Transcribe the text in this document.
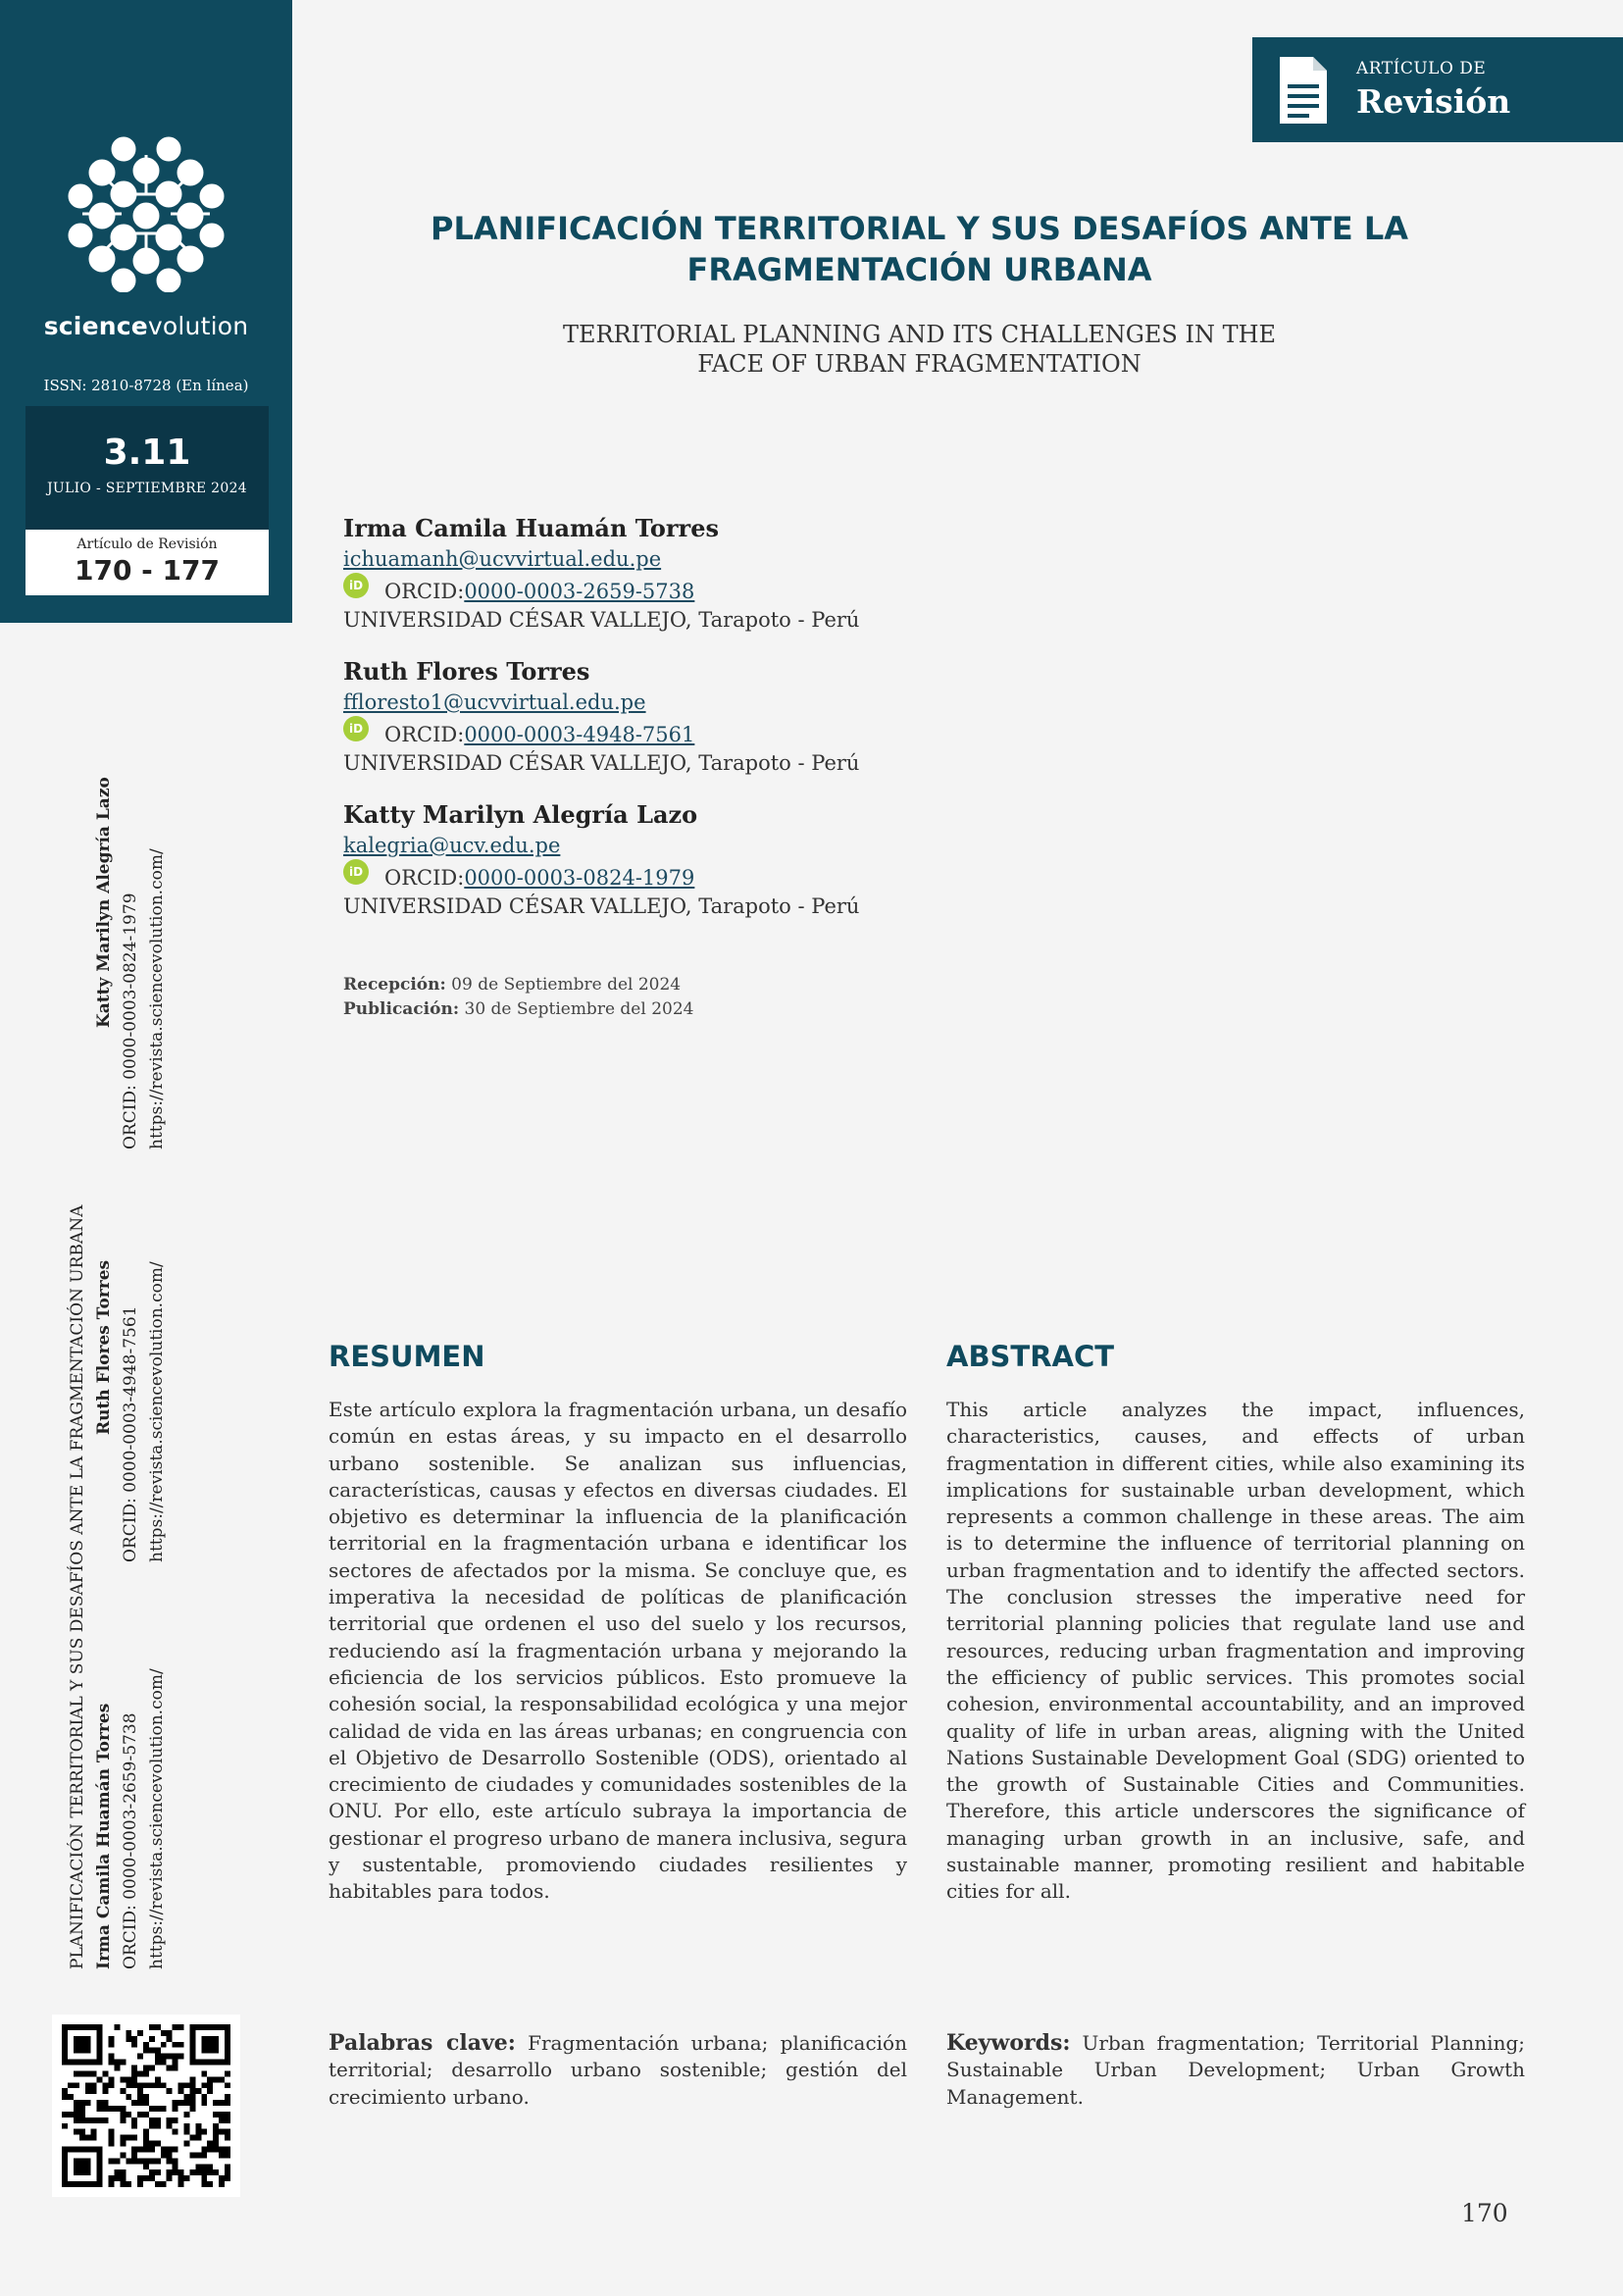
sciencevolution
ISSN: 2810-8728 (En línea)
3.11
JULIO - SEPTIEMBRE 2024
Artículo de Revisión
170 - 177
PLANIFICACIÓN TERRITORIAL Y SUS DESAFÍOS ANTE LA FRAGMENTACIÓN URBANA Irma Camila Huamán Torres
Ruth Flores Torres
Katty Marilyn Alegría Lazo
ORCID: 0000-0003-2659-5738
ORCID: 0000-0003-4948-7561
ORCID: 0000-0003-0824-1979
https://revista.sciencevolution.com/
https://revista.sciencevolution.com/
https://revista.sciencevolution.com/
ARTÍCULO DE
Revisión
PLANIFICACIÓN TERRITORIAL Y SUS DESAFÍOS ANTE LA FRAGMENTACIÓN URBANA
TERRITORIAL PLANNING AND ITS CHALLENGES IN THE FACE OF URBAN FRAGMENTATION
Irma Camila Huamán Torres
ichuamanh@ucvvirtual.edu.pe
iD ORCID: 0000-0003-2659-5738
UNIVERSIDAD CÉSAR VALLEJO, Tarapoto - Perú
Ruth Flores Torres
ffloresto1@ucvvirtual.edu.pe
iD ORCID: 0000-0003-4948-7561
UNIVERSIDAD CÉSAR VALLEJO, Tarapoto - Perú
Katty Marilyn Alegría Lazo
kalegria@ucv.edu.pe
iD ORCID: 0000-0003-0824-1979
UNIVERSIDAD CÉSAR VALLEJO, Tarapoto - Perú
Recepción: 09 de Septiembre del 2024
Publicación: 30 de Septiembre del 2024
RESUMEN

Este artículo explora la fragmentación urbana, un desafío común en estas áreas, y su impacto en el desarrollo urbano sostenible. Se analizan sus influencias, características, causas y efectos en diversas ciudades. El objetivo es determinar la influencia de la planificación territorial en la fragmentación urbana e identificar los sectores de afectados por la misma. Se concluye que, es imperativa la necesidad de políticas de planificación territorial que ordenen el uso del suelo y los recursos, reduciendo así la fragmentación urbana y mejorando la eficiencia de los servicios públicos. Esto promueve la cohesión social, la responsabilidad ecológica y una mejor calidad de vida en las áreas urbanas; en congruencia con el Objetivo de Desarrollo Sostenible (ODS), orientado al crecimiento de ciudades y comunidades sostenibles de la ONU. Por ello, este artículo subraya la importancia de gestionar el progreso urbano de manera inclusiva, segura y sustentable, promoviendo ciudades resilientes y habitables para todos.

ABSTRACT

This article analyzes the impact, influences, characteristics, causes, and effects of urban fragmentation in different cities, while also examining its implications for sustainable urban development, which represents a common challenge in these areas. The aim is to determine the influence of territorial planning on urban fragmentation and to identify the affected sectors. The conclusion stresses the imperative need for territorial planning policies that regulate land use and resources, reducing urban fragmentation and improving the efficiency of public services. This promotes social cohesion, environmental accountability, and an improved quality of life in urban areas, aligning with the United Nations Sustainable Development Goal (SDG) oriented to the growth of Sustainable Cities and Communities. Therefore, this article underscores the significance of managing urban growth in an inclusive, safe, and sustainable manner, promoting resilient and habitable cities for all.

Palabras clave: Fragmentación urbana; planificación territorial; desarrollo urbano sostenible; gestión del crecimiento urbano.
Keywords: Urban fragmentation; Territorial Planning; Sustainable Urban Development; Urban Growth Management.
170
